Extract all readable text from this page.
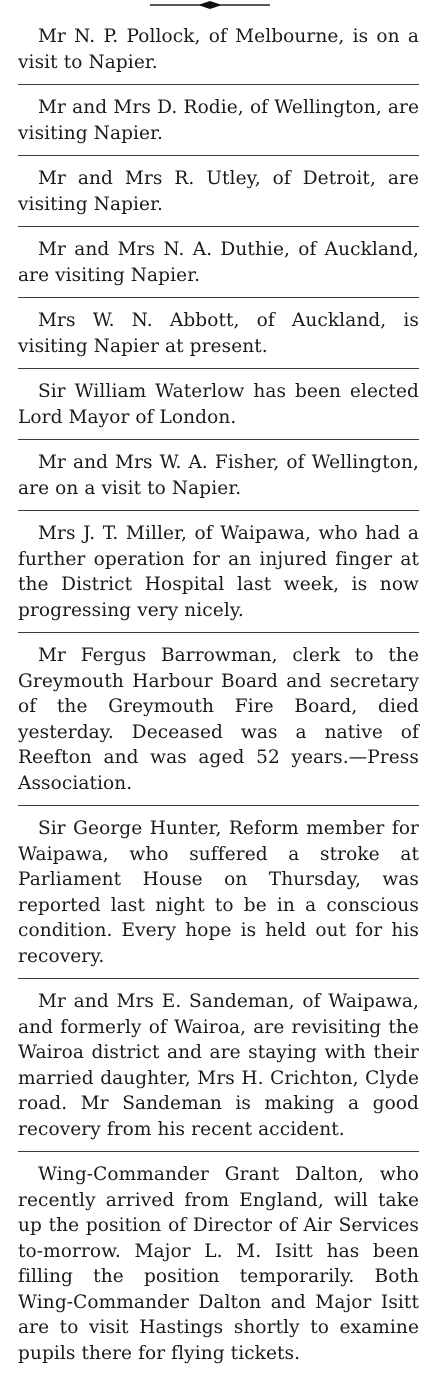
Mr N. P. Pollock, of Melbourne, is on a visit to Napier.

Mr and Mrs D. Rodie, of Wellington, are visiting Napier.

Mr and Mrs R. Utley, of Detroit, are visiting Napier.

Mr and Mrs N. A. Duthie, of Auckland, are visiting Napier.

Mrs W. N. Abbott, of Auckland, is visiting Napier at present.

Sir William Waterlow has been elected Lord Mayor of London.

Mr and Mrs W. A. Fisher, of Wellington, are on a visit to Napier.

Mrs J. T. Miller, of Waipawa, who had a further operation for an injured finger at the District Hospital last week, is now progressing very nicely.

Mr Fergus Barrowman, clerk to the Greymouth Harbour Board and secretary of the Greymouth Fire Board, died yesterday. Deceased was a native of Reefton and was aged 52 years.—Press Association.

Sir George Hunter, Reform member for Waipawa, who suffered a stroke at Parliament House on Thursday, was reported last night to be in a conscious condition. Every hope is held out for his recovery.

Mr and Mrs E. Sandeman, of Waipawa, and formerly of Wairoa, are revisiting the Wairoa district and are staying with their married daughter, Mrs H. Crichton, Clyde road. Mr Sandeman is making a good recovery from his recent accident.

Wing-Commander Grant Dalton, who recently arrived from England, will take up the position of Director of Air Services to-morrow. Major L. M. Isitt has been filling the position temporarily. Both Wing-Commander Dalton and Major Isitt are to visit Hastings shortly to examine pupils there for flying tickets.
